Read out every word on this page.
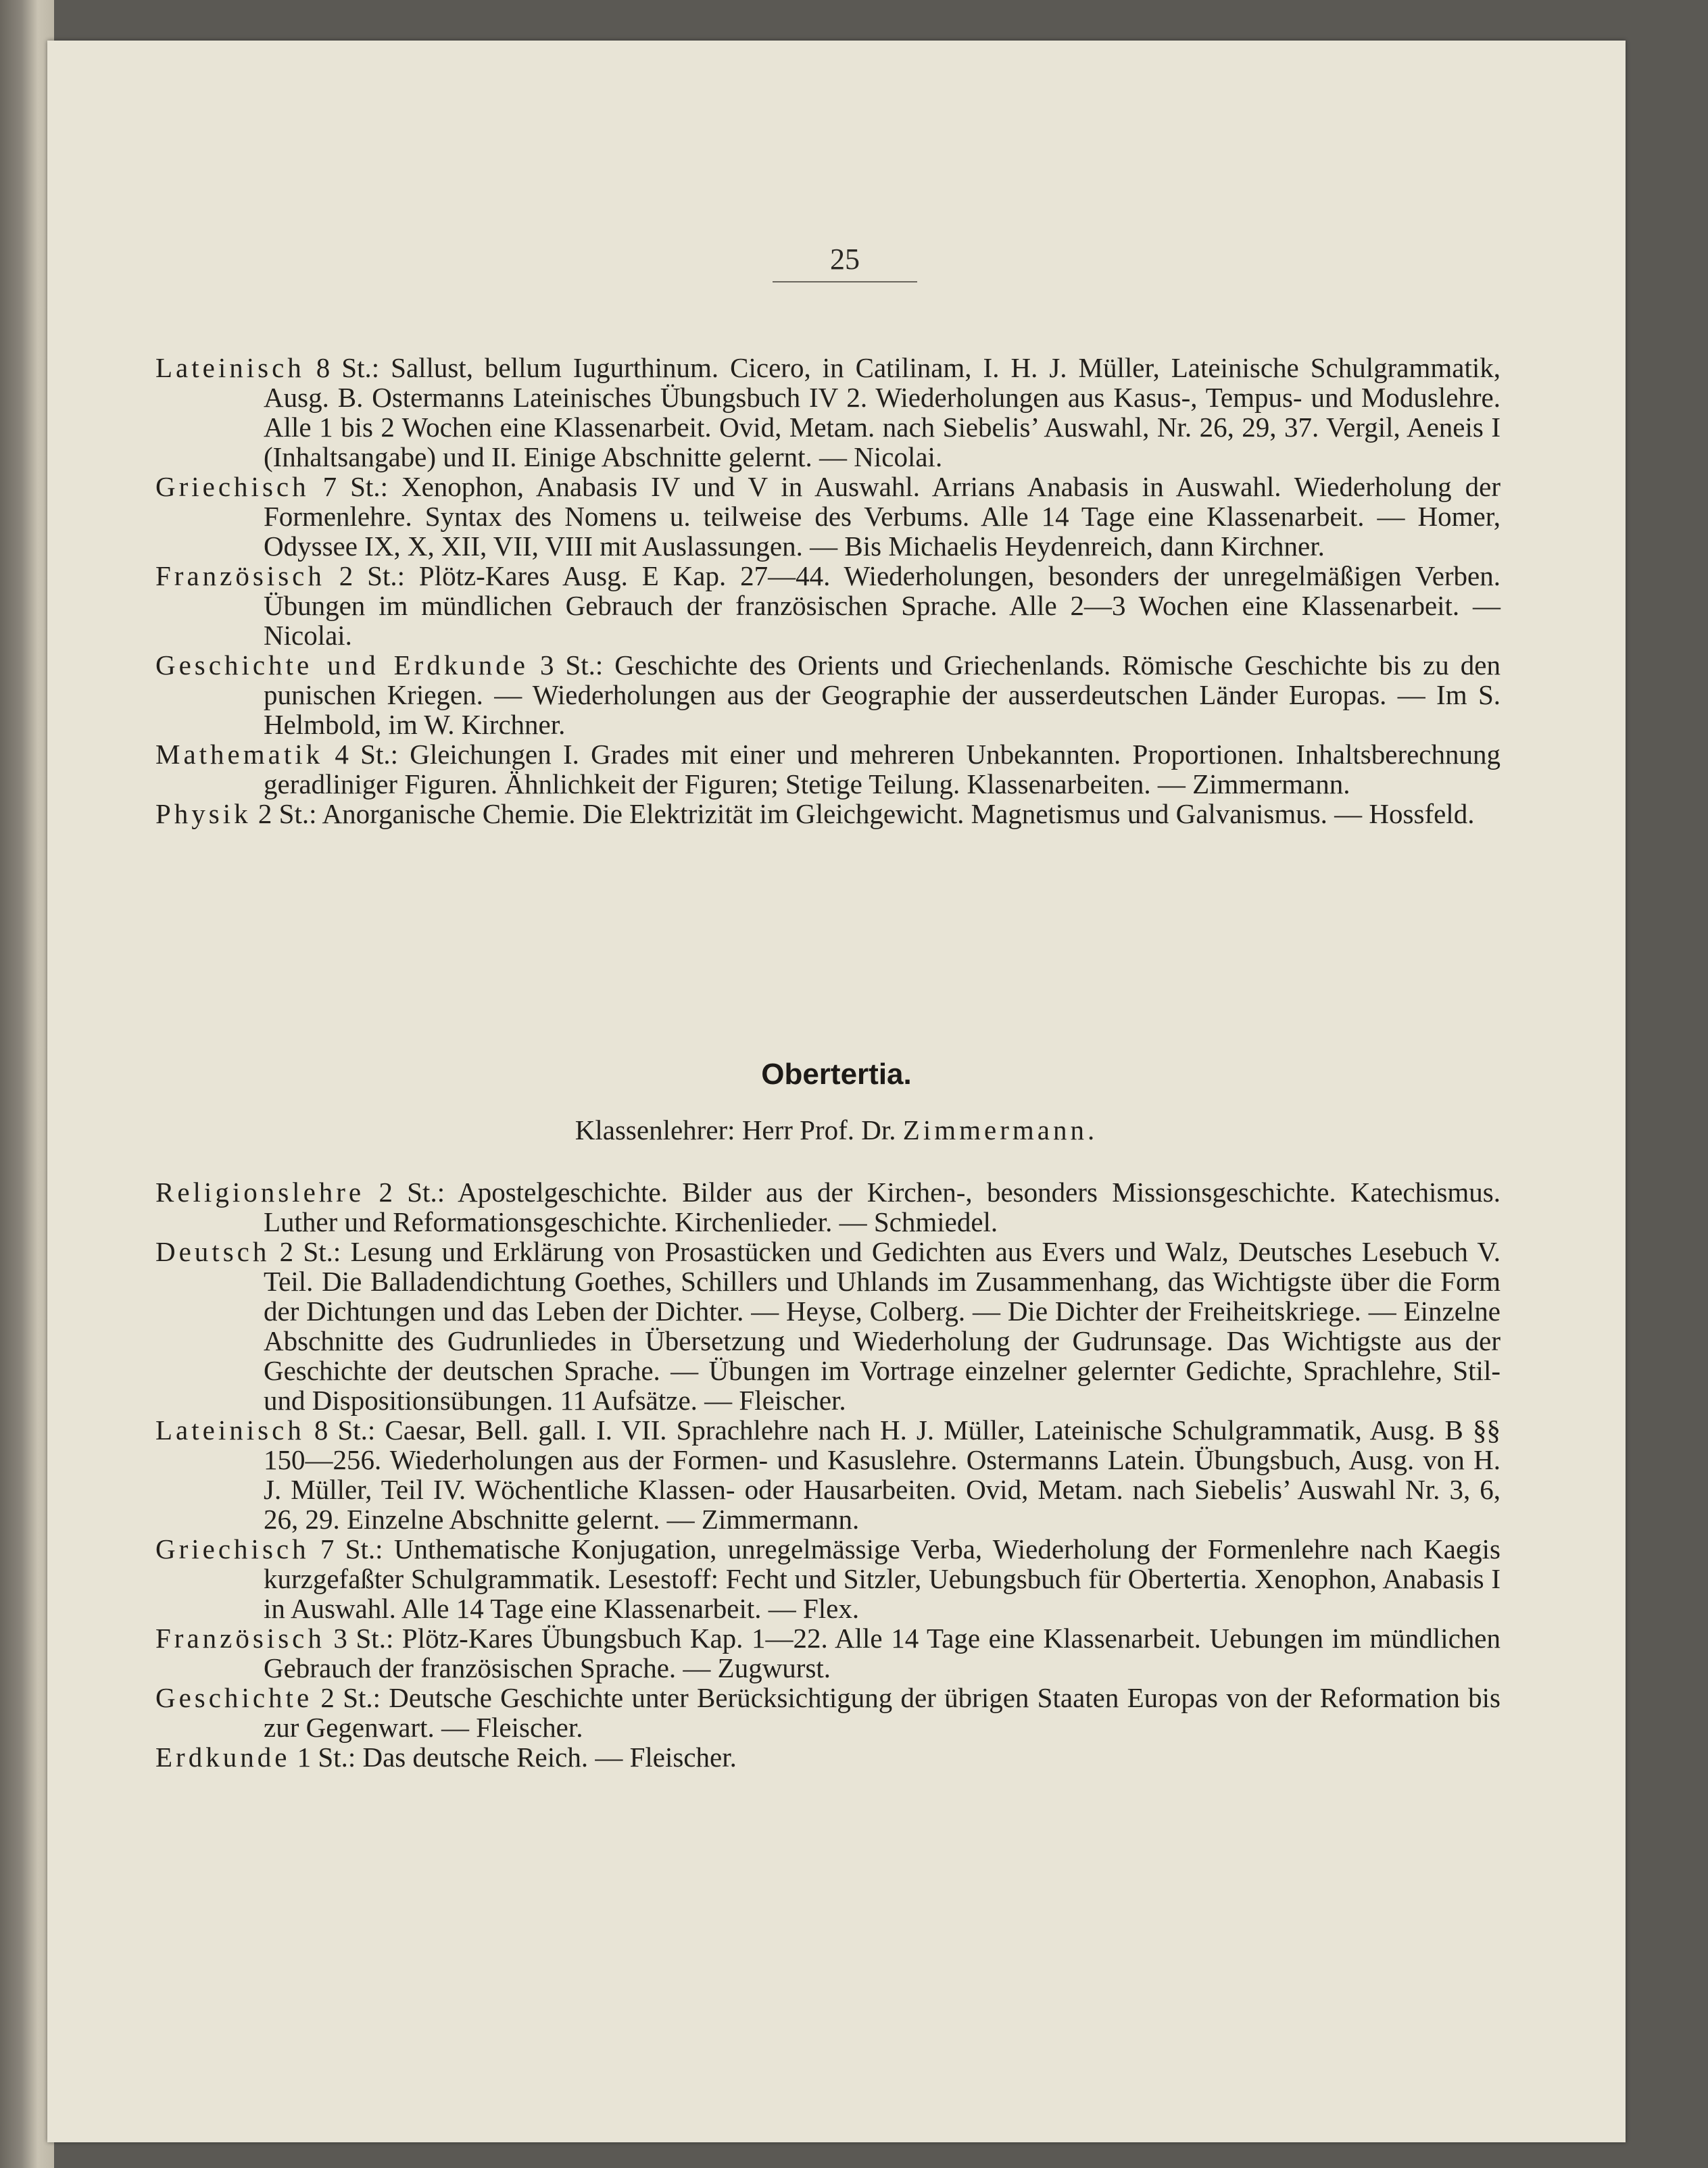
25

Lateinisch 8 St.: Sallust, bellum Iugurthinum. Cicero, in Catilinam, I. H. J. Müller, Lateinische Schulgrammatik, Ausg. B. Ostermanns Lateinisches Übungsbuch IV 2. Wiederholungen aus Kasus-, Tempus- und Moduslehre. Alle 1 bis 2 Wochen eine Klassenarbeit. Ovid, Metam. nach Siebelis’ Auswahl, Nr. 26, 29, 37. Vergil, Aeneis I (Inhaltsangabe) und II. Einige Abschnitte gelernt. — Nicolai.

Griechisch 7 St.: Xenophon, Anabasis IV und V in Auswahl. Arrians Anabasis in Auswahl. Wiederholung der Formenlehre. Syntax des Nomens u. teilweise des Verbums. Alle 14 Tage eine Klassenarbeit. — Homer, Odyssee IX, X, XII, VII, VIII mit Auslassungen. — Bis Michaelis Heydenreich, dann Kirchner.

Französisch 2 St.: Plötz-Kares Ausg. E Kap. 27—44. Wiederholungen, besonders der unregelmäßigen Verben. Übungen im mündlichen Gebrauch der französischen Sprache. Alle 2—3 Wochen eine Klassenarbeit. — Nicolai.

Geschichte und Erdkunde 3 St.: Geschichte des Orients und Griechenlands. Römische Geschichte bis zu den punischen Kriegen. — Wiederholungen aus der Geographie der ausserdeutschen Länder Europas. — Im S. Helmbold, im W. Kirchner.

Mathematik 4 St.: Gleichungen I. Grades mit einer und mehreren Unbekannten. Proportionen. Inhaltsberechnung geradliniger Figuren. Ähnlichkeit der Figuren; Stetige Teilung. Klassenarbeiten. — Zimmermann.

Physik 2 St.: Anorganische Chemie. Die Elektrizität im Gleichgewicht. Magnetismus und Galvanismus. — Hossfeld.

Obertertia.
Klassenlehrer: Herr Prof. Dr. Zimmermann.

Religionslehre 2 St.: Apostelgeschichte. Bilder aus der Kirchen-, besonders Missionsgeschichte. Katechismus. Luther und Reformationsgeschichte. Kirchenlieder. — Schmiedel.

Deutsch 2 St.: Lesung und Erklärung von Prosastücken und Gedichten aus Evers und Walz, Deutsches Lesebuch V. Teil. Die Balladendichtung Goethes, Schillers und Uhlands im Zusammenhang, das Wichtigste über die Form der Dichtungen und das Leben der Dichter. — Heyse, Colberg. — Die Dichter der Freiheitskriege. — Einzelne Abschnitte des Gudrunliedes in Übersetzung und Wiederholung der Gudrunsage. Das Wichtigste aus der Geschichte der deutschen Sprache. — Übungen im Vortrage einzelner gelernter Gedichte, Sprachlehre, Stil- und Dispositionsübungen. 11 Aufsätze. — Fleischer.

Lateinisch 8 St.: Caesar, Bell. gall. I. VII. Sprachlehre nach H. J. Müller, Lateinische Schulgrammatik, Ausg. B §§ 150—256. Wiederholungen aus der Formen- und Kasuslehre. Ostermanns Latein. Übungsbuch, Ausg. von H. J. Müller, Teil IV. Wöchentliche Klassen- oder Hausarbeiten. Ovid, Metam. nach Siebelis’ Auswahl Nr. 3, 6, 26, 29. Einzelne Abschnitte gelernt. — Zimmermann.

Griechisch 7 St.: Unthematische Konjugation, unregelmässige Verba, Wiederholung der Formenlehre nach Kaegis kurzgefaßter Schulgrammatik. Lesestoff: Fecht und Sitzler, Uebungsbuch für Obertertia. Xenophon, Anabasis I in Auswahl. Alle 14 Tage eine Klassenarbeit. — Flex.

Französisch 3 St.: Plötz-Kares Übungsbuch Kap. 1—22. Alle 14 Tage eine Klassenarbeit. Uebungen im mündlichen Gebrauch der französischen Sprache. — Zugwurst.

Geschichte 2 St.: Deutsche Geschichte unter Berücksichtigung der übrigen Staaten Europas von der Reformation bis zur Gegenwart. — Fleischer.

Erdkunde 1 St.: Das deutsche Reich. — Fleischer.
